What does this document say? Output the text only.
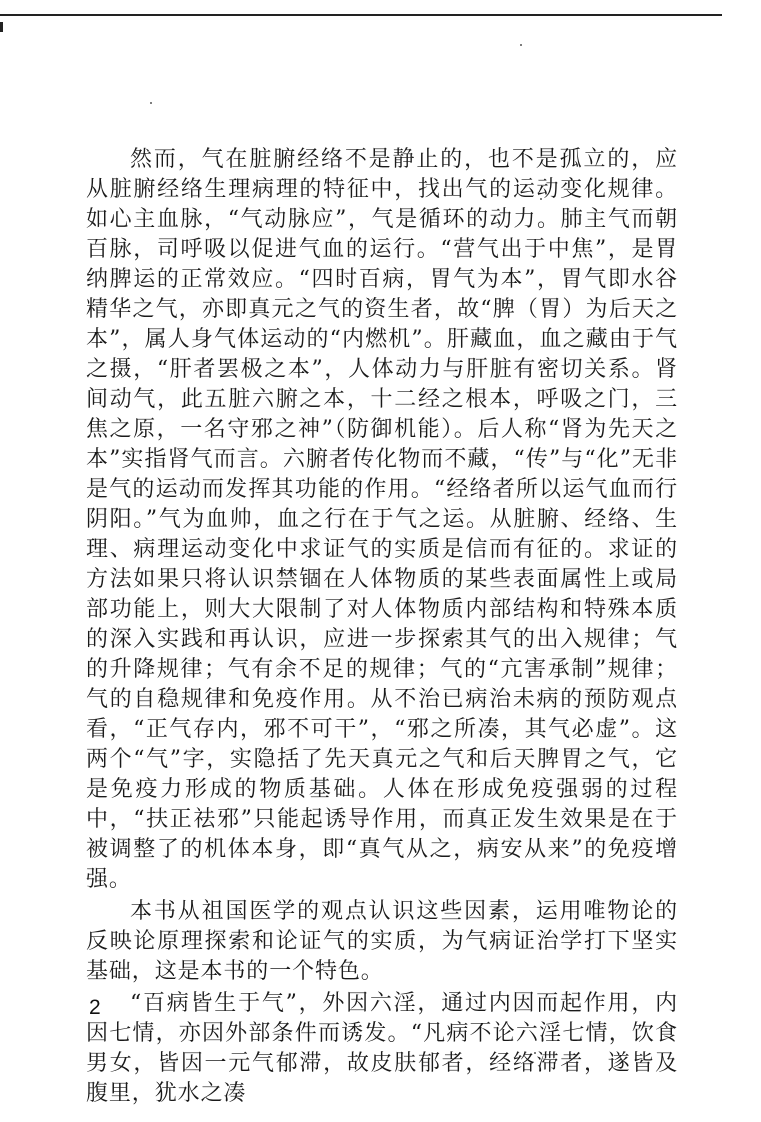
然而，气在脏腑经络不是静止的，也不是孤立的，应从脏腑经络生理病理的特征中，找出气的运动变化规律。如心主血脉，“气动脉应”，气是循环的动力。肺主气而朝百脉，司呼吸以促进气血的运行。“营气出于中焦”，是胃纳脾运的正常效应。“四时百病，胃气为本”，胃气即水谷精华之气，亦即真元之气的资生者，故“脾（胃）为后天之本”，属人身气体运动的“内燃机”。肝藏血，血之藏由于气之摄，“肝者罢极之本”，人体动力与肝脏有密切关系。肾间动气，此五脏六腑之本，十二经之根本，呼吸之门，三焦之原，一名守邪之神”（防御机能）。后人称“肾为先天之本”实指肾气而言。六腑者传化物而不藏，“传”与“化”无非是气的运动而发挥其功能的作用。“经络者所以运气血而行阴阳。”气为血帅，血之行在于气之运。从脏腑、经络、生理、病理运动变化中求证气的实质是信而有征的。求证的方法如果只将认识禁锢在人体物质的某些表面属性上或局部功能上，则大大限制了对人体物质内部结构和特殊本质的深入实践和再认识，应进一步探索其气的出入规律；气的升降规律；气有余不足的规律；气的“亢害承制”规律；气的自稳规律和免疫作用。从不治已病治未病的预防观点看，“正气存内，邪不可干”，“邪之所凑，其气必虚”。这两个“气”字，实隐括了先天真元之气和后天脾胃之气，它是免疫力形成的物质基础。人体在形成免疫强弱的过程中，“扶正祛邪”只能起诱导作用，而真正发生效果是在于被调整了的机体本身，即“真气从之，病安从来”的免疫增强。

本书从祖国医学的观点认识这些因素，运用唯物论的反映论原理探索和论证气的实质，为气病证治学打下坚实基础，这是本书的一个特色。

“百病皆生于气”，外因六淫，通过内因而起作用，内因七情，亦因外部条件而诱发。“凡病不论六淫七情，饮食男女，皆因一元气郁滞，故皮肤郁者，经络滞者，遂皆及腹里，犹水之凑

2
